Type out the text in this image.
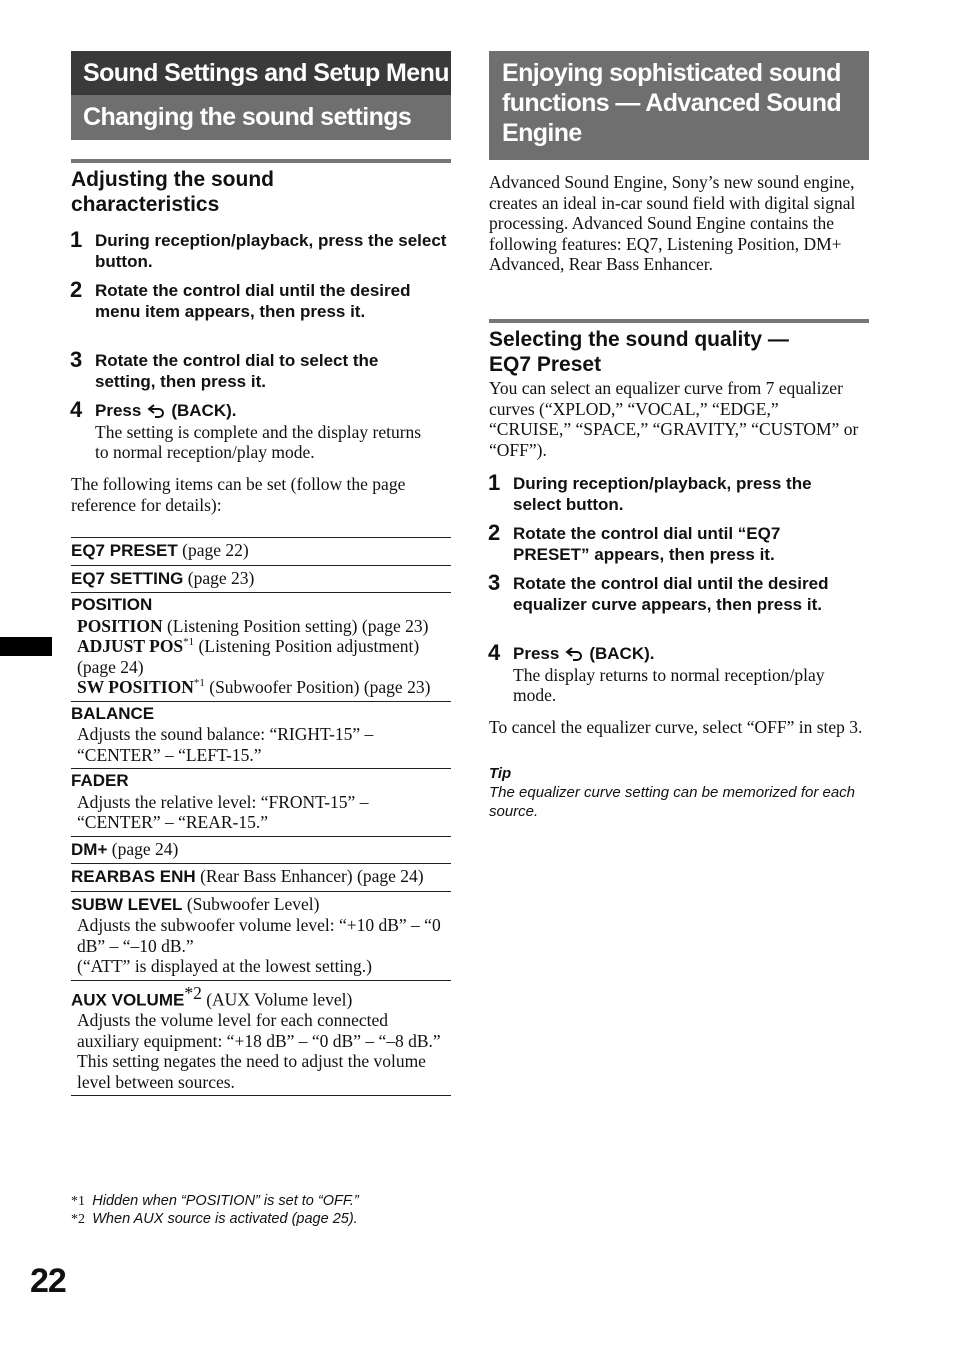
Sound Settings and Setup Menu
Changing the sound settings
Adjusting the sound characteristics
1 During reception/playback, press the select button.
2 Rotate the control dial until the desired menu item appears, then press it.
3 Rotate the control dial to select the setting, then press it.
4 Press (BACK).
The setting is complete and the display returns to normal reception/play mode.
The following items can be set (follow the page reference for details):
EQ7 PRESET (page 22)
EQ7 SETTING (page 23)
POSITION
POSITION (Listening Position setting) (page 23)
ADJUST POS$^{*1}$ (Listening Position adjustment) (page 24)
SW POSITION$^{*1}$ (Subwoofer Position) (page 23)
BALANCE
Adjusts the sound balance: “RIGHT-15” – “CENTER” – “LEFT-15.”
FADER
Adjusts the relative level: “FRONT-15” – “CENTER” – “REAR-15.”
DM+ (page 24)
REARBAS ENH (Rear Bass Enhancer) (page 24)
SUBW LEVEL (Subwoofer Level)
Adjusts the subwoofer volume level: “+10 dB” – “0 dB” – “–10 dB.”
(“ATT” is displayed at the lowest setting.)
AUX VOLUME$^{*2}$ (AUX Volume level)
Adjusts the volume level for each connected auxiliary equipment: “+18 dB” – “0 dB” – “–8 dB.”
This setting negates the need to adjust the volume level between sources.
*1 Hidden when “POSITION” is set to “OFF.”
*2 When AUX source is activated (page 25).
22
Enjoying sophisticated sound functions — Advanced Sound Engine
Advanced Sound Engine, Sony’s new sound engine, creates an ideal in-car sound field with digital signal processing. Advanced Sound Engine contains the following features: EQ7, Listening Position, DM+ Advanced, Rear Bass Enhancer.
Selecting the sound quality — EQ7 Preset
You can select an equalizer curve from 7 equalizer curves (“XPLOD,” “VOCAL,” “EDGE,” “CRUISE,” “SPACE,” “GRAVITY,” “CUSTOM” or “OFF”).
1 During reception/playback, press the select button.
2 Rotate the control dial until “EQ7 PRESET” appears, then press it.
3 Rotate the control dial until the desired equalizer curve appears, then press it.
4 Press (BACK).
The display returns to normal reception/play mode.
To cancel the equalizer curve, select “OFF” in step 3.
Tip
The equalizer curve setting can be memorized for each source.
